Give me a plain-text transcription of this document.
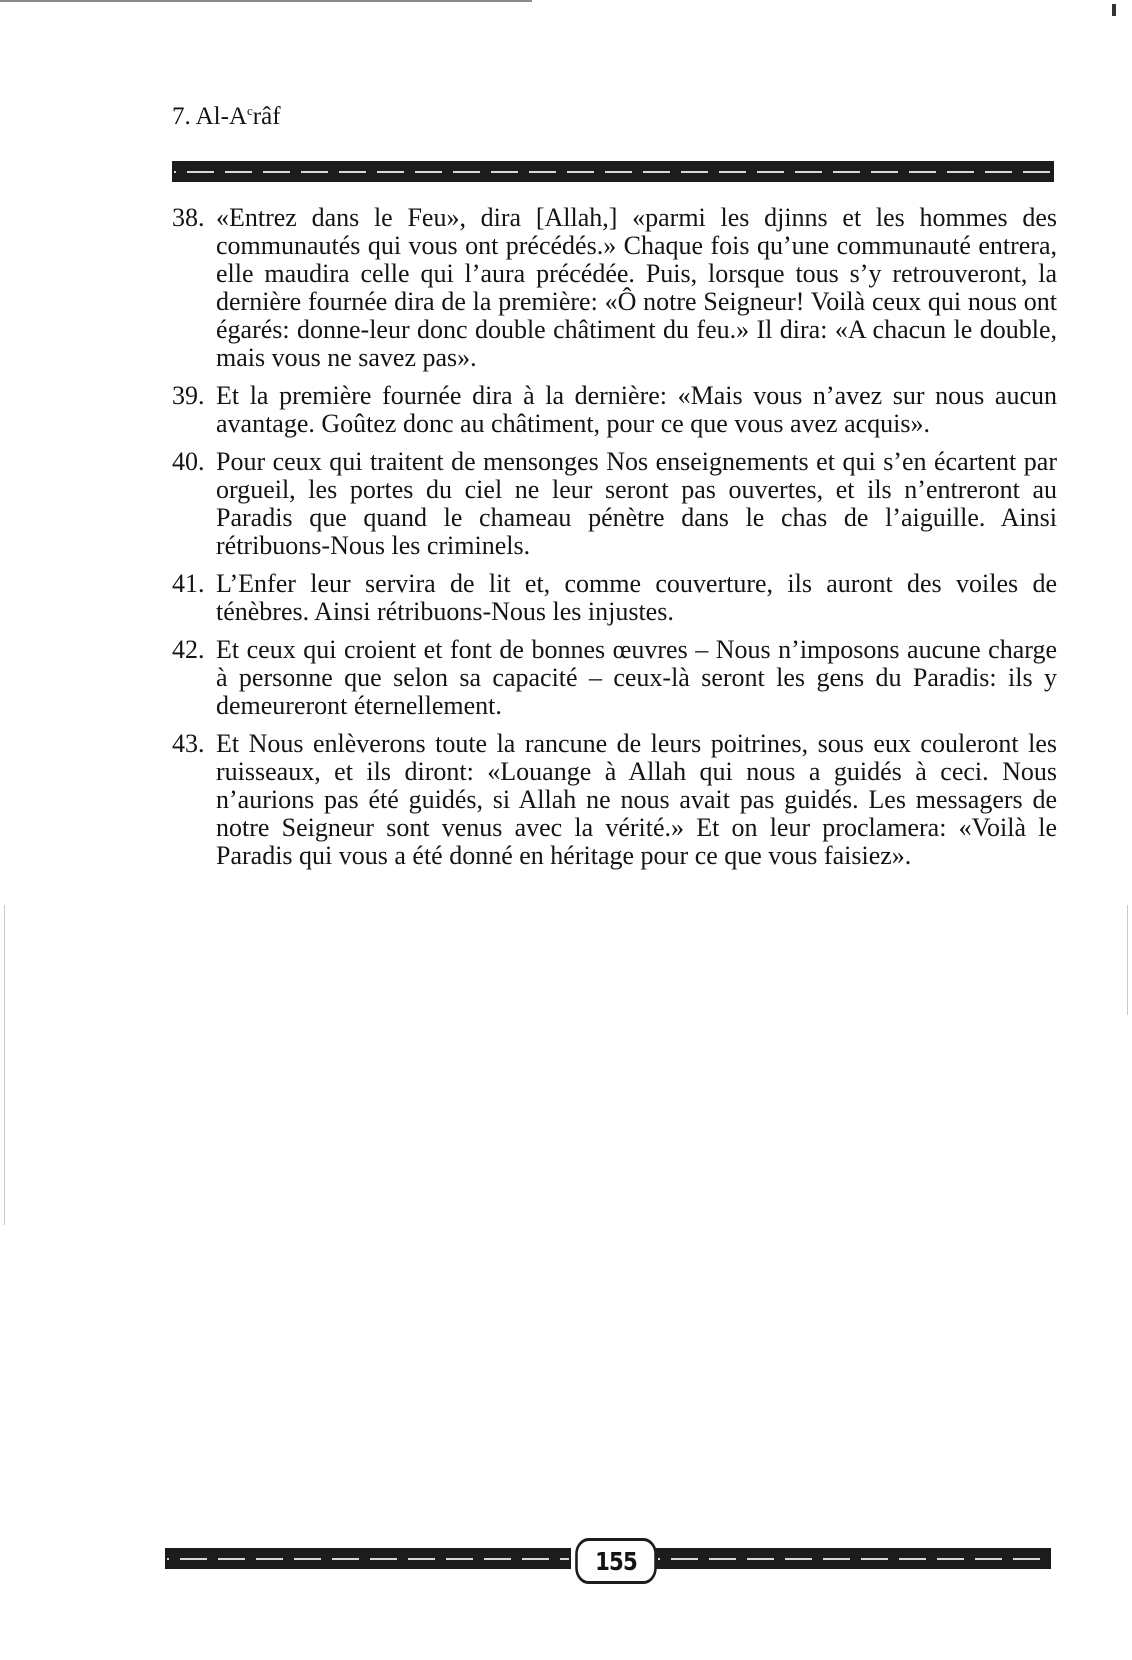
7. $Al-A^crâf$
38. «Entrez dans le Feu», dira [Allah,] «parmi les djinns et les hommes des communautés qui vous ont précédés.» Chaque fois qu’une communauté entrera, elle maudira celle qui l’aura précédée. Puis, lorsque tous s’y retrouveront, la dernière fournée dira de la première: «Ô notre Seigneur! Voilà ceux qui nous ont égarés: donne-leur donc double châtiment du feu.» Il dira: «A chacun le double, mais vous ne savez pas».
39. Et la première fournée dira à la dernière: «Mais vous n’avez sur nous aucun avantage. Goûtez donc au châtiment, pour ce que vous avez acquis».
40. Pour ceux qui traitent de mensonges Nos enseignements et qui s’en écartent par orgueil, les portes du ciel ne leur seront pas ouvertes, et ils n’entreront au Paradis que quand le chameau pénètre dans le chas de l’aiguille. Ainsi rétribuons-Nous les criminels.
41. L’Enfer leur servira de lit et, comme couverture, ils auront des voiles de ténèbres. Ainsi rétribuons-Nous les injustes.
42. Et ceux qui croient et font de bonnes œuvres – Nous n’imposons aucune charge à personne que selon sa capacité – ceux-là seront les gens du Paradis: ils y demeureront éternellement.
43. Et Nous enlèverons toute la rancune de leurs poitrines, sous eux couleront les ruisseaux, et ils diront: «Louange à Allah qui nous a guidés à ceci. Nous n’aurions pas été guidés, si Allah ne nous avait pas guidés. Les messagers de notre Seigneur sont venus avec la vérité.» Et on leur proclamera: «Voilà le Paradis qui vous a été donné en héritage pour ce que vous faisiez».
155
